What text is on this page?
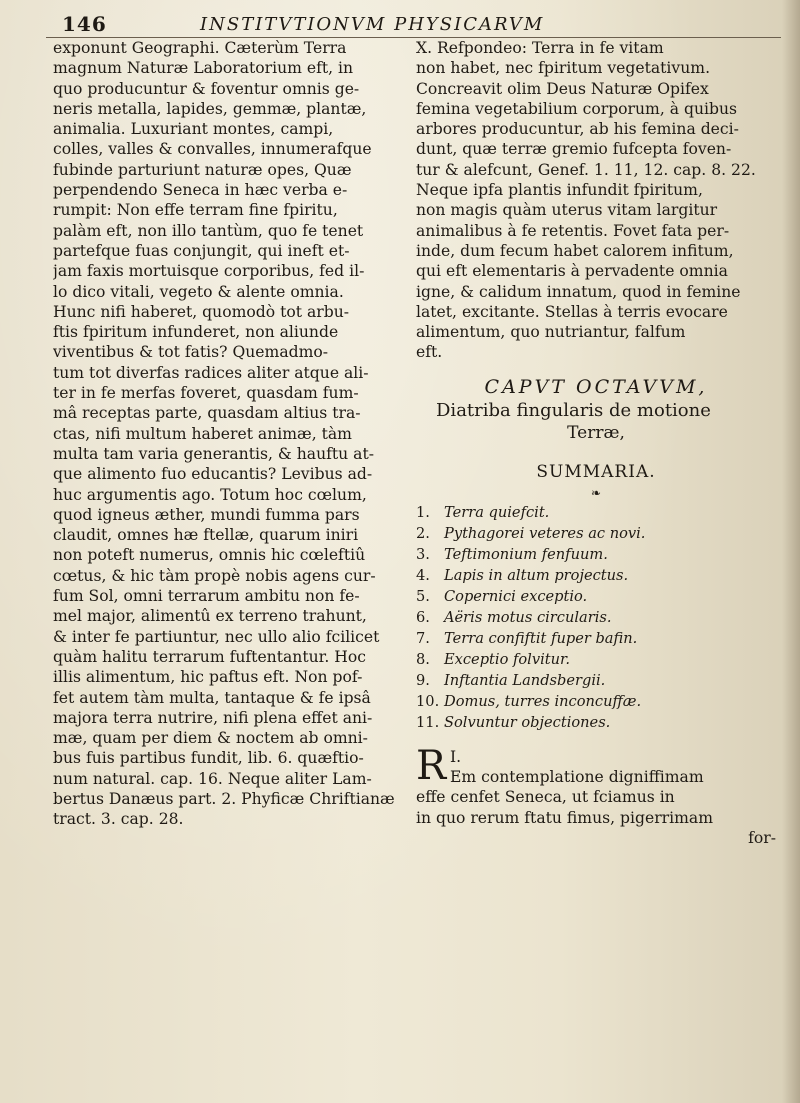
146	INSTITVTIONVM PHYSICARVM
exponunt Geographi. Cæterùm Terra
magnum Naturæ Laboratorium eft, in
quo producuntur & foventur omnis ge-
neris metalla, lapides, gemmæ, plantæ,
animalia. Luxuriant montes, campi,
colles, valles & convalles, innumerafque
fubinde parturiunt naturæ opes, Quæ
perpendendo Seneca in hæc verba e-
rumpit: Non effe terram fine fpiritu,
palàm eft, non illo tantùm, quo fe tenet
partefque fuas conjungit, qui ineft et-
jam faxis mortuisque corporibus, fed il-
lo dico vitali, vegeto & alente omnia.
Hunc nifi haberet, quomodò tot arbu-
ftis fpiritum infunderet, non aliunde
viventibus & tot fatis? Quemadmo-
tum tot diverfas radices aliter atque ali-
ter in fe merfas foveret, quasdam fum-
mâ receptas parte, quasdam altius tra-
ctas, nifi multum haberet animæ, tàm
multa tam varia generantis, & hauftu at-
que alimento fuo educantis? Levibus ad-
huc argumentis ago. Totum hoc cœlum,
quod igneus æther, mundi fumma pars
claudit, omnes hæ ftellæ, quarum iniri
non poteft numerus, omnis hic cœleftiû
cœtus, & hic tàm propè nobis agens cur-
fum Sol, omni terrarum ambitu non fe-
mel major, alimentû ex terreno trahunt,
& inter fe partiuntur, nec ullo alio fcilicet
quàm halitu terrarum fuftentantur. Hoc
illis alimentum, hic paftus eft. Non pof-
fet autem tàm multa, tantaque & fe ipsâ
majora terra nutrire, nifi plena effet ani-
mæ, quam per diem & noctem ab omni-
bus fuis partibus fundit, lib. 6. quæftio-
num natural. cap. 16. Neque aliter Lam-
bertus Danæus part. 2. Phyficæ Chriftianæ
tract. 3. cap. 28.
X. Refpondeo: Terra in fe vitam
non habet, nec fpiritum vegetativum.
Concreavit olim Deus Naturæ Opifex
femina vegetabilium corporum, à quibus
arbores producuntur, ab his femina deci-
dunt, quæ terræ gremio fufcepta foven-
tur & alefcunt, Genef. 1. 11, 12. cap. 8. 22.
Neque ipfa plantis infundit fpiritum,
non magis quàm uterus vitam largitur
animalibus à fe retentis. Fovet fata per-
inde, dum fecum habet calorem infitum,
qui eft elementaris à pervadente omnia
igne, & calidum innatum, quod in femine
latet, excitante. Stellas à terris evocare
alimentum, quo nutriantur, falfum
eft.
CAPVT OCTAVVM,
Diatriba fingularis de motione
Terræ,
SUMMARIA.
❧
1. Terra quiefcit.
2. Pythagorei veteres ac novi.
3. Teftimonium fenfuum.
4. Lapis in altum projectus.
5. Copernici exceptio.
6. Aëris motus circularis.
7. Terra confiftit fuper bafin.
8. Exceptio folvitur.
9. Inftantia Landsbergii.
10. Domus, turres inconcuffæ.
11. Solvuntur objectiones.
I.
R Em contemplatione digniffimam
effe cenfet Seneca, ut fciamus in
in quo rerum ftatu fimus, pigerrimam
for-
